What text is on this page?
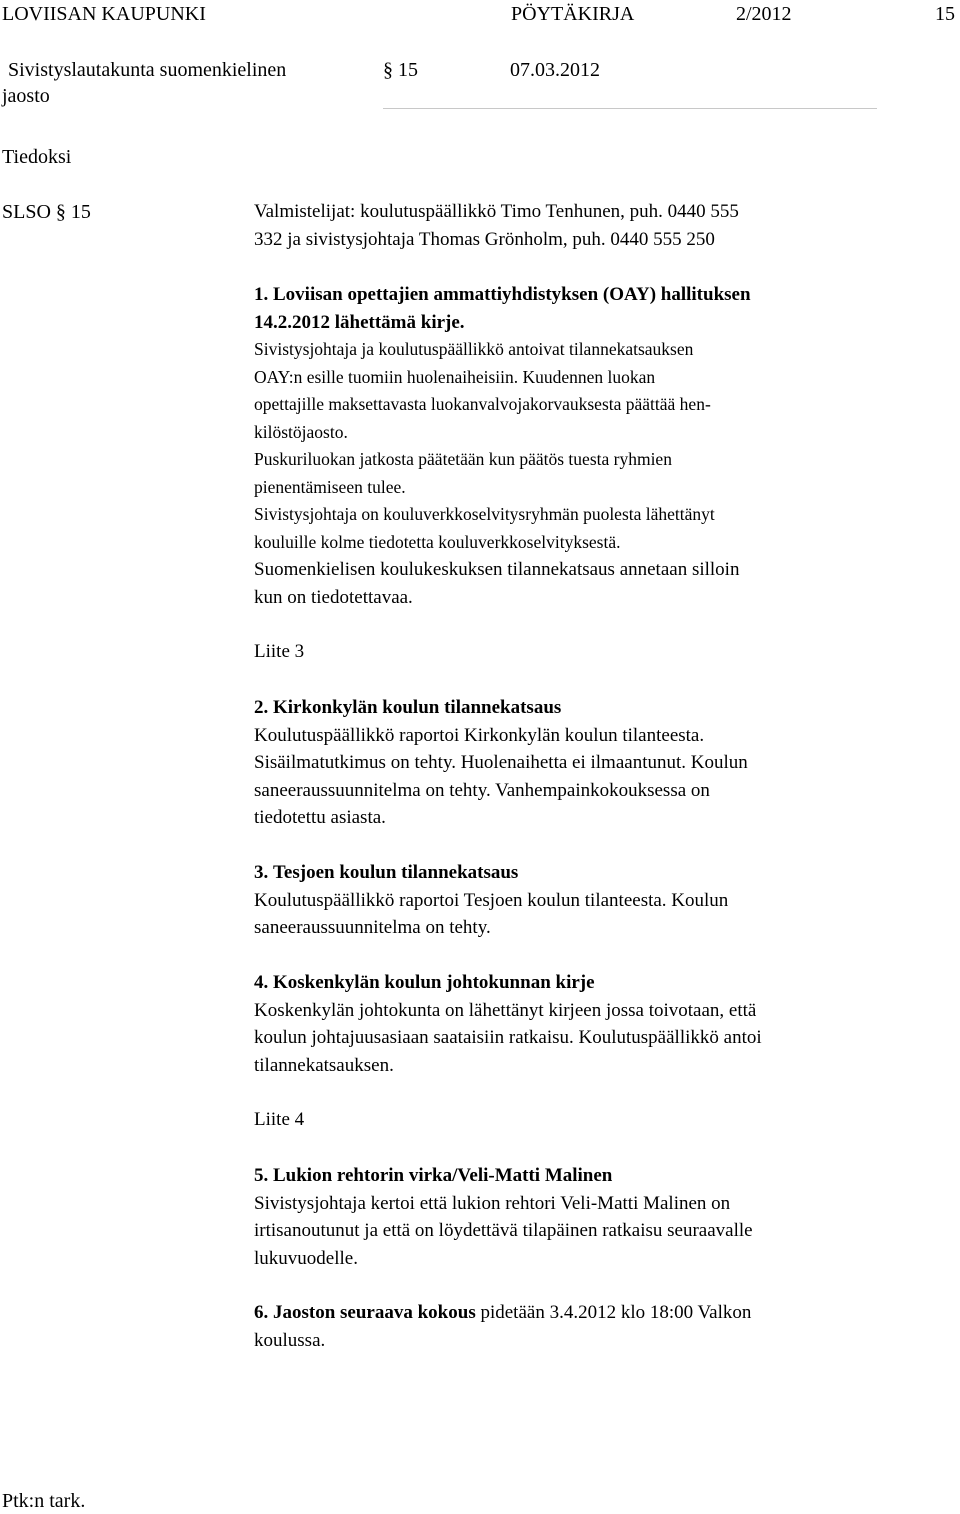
LOVIISAN KAUPUNKI	PÖYTÄKIRJA	2/2012	15
Sivistyslautakunta suomenkielinen
jaosto
§ 15	07.03.2012
Tiedoksi
SLSO § 15	Valmistelijat: koulutuspäällikkö Timo Tenhunen, puh. 0440 555
332 ja sivistysjohtaja Thomas Grönholm, puh. 0440 555 250
1. Loviisan opettajien ammattiyhdistyksen (OAY) hallituksen
14.2.2012 lähettämä kirje.
Sivistysjohtaja ja koulutuspäällikkö antoivat tilannekatsauksen
OAY:n esille tuomiin huolenaiheisiin. Kuudennen luokan
opettajille maksettavasta luokanvalvojakorvauksesta päättää hen-
kilöstöjaosto.
Puskuriluokan jatkosta päätetään kun päätös tuesta ryhmien
pienentämiseen tulee.
Sivistysjohtaja on kouluverkkoselvitysryhmän puolesta lähettänyt
kouluille kolme tiedotetta kouluverkkoselvityksestä.
Suomenkielisen koulukeskuksen tilannekatsaus annetaan silloin
kun on tiedotettavaa.
Liite 3
2. Kirkonkylän koulun tilannekatsaus
Koulutuspäällikkö raportoi Kirkonkylän koulun tilanteesta.
Sisäilmatutkimus on tehty. Huolenaihetta ei ilmaantunut. Koulun
saneeraussuunnitelma on tehty. Vanhempainkokouksessa on
tiedotettu asiasta.
3. Tesjoen koulun tilannekatsaus
Koulutuspäällikkö raportoi Tesjoen koulun tilanteesta. Koulun
saneeraussuunnitelma on tehty.
4. Koskenkylän koulun johtokunnan kirje
Koskenkylän johtokunta on lähettänyt kirjeen jossa toivotaan, että
koulun johtajuusasiaan saataisiin ratkaisu. Koulutuspäällikkö antoi
tilannekatsauksen.
Liite 4
5. Lukion rehtorin virka/Veli-Matti Malinen
Sivistysjohtaja kertoi että lukion rehtori Veli-Matti Malinen on
irtisanoutunut ja että on löydettävä tilapäinen ratkaisu seuraavalle
lukuvuodelle.
6. Jaoston seuraava kokous pidetään 3.4.2012 klo 18:00 Valkon
koulussa.
Ptk:n tark.
